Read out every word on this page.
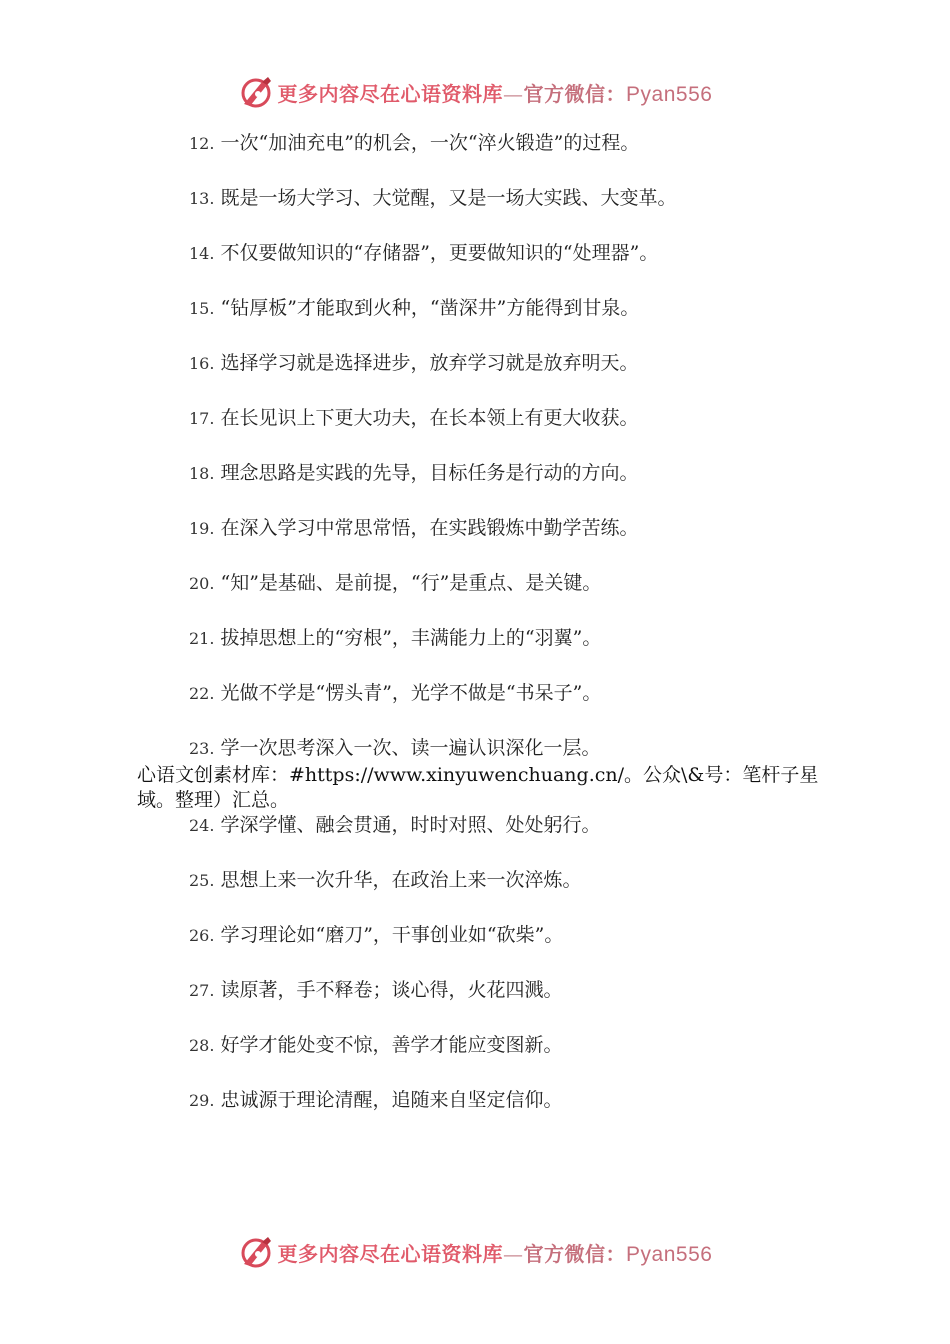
更多内容尽在心语资料库—官方微信：Pyan556
12. 一次“加油充电”的机会，一次“淬火锻造”的过程。
13. 既是一场大学习、大觉醒，又是一场大实践、大变革。
14. 不仅要做知识的“存储器”，更要做知识的“处理器”。
15. “钻厚板”才能取到火种，“凿深井”方能得到甘泉。
16. 选择学习就是选择进步，放弃学习就是放弃明天。
17. 在长见识上下更大功夫，在长本领上有更大收获。
18. 理念思路是实践的先导，目标任务是行动的方向。
19. 在深入学习中常思常悟，在实践锻炼中勤学苦练。
20. “知”是基础、是前提，“行”是重点、是关键。
21. 拔掉思想上的“穷根”，丰满能力上的“羽翼”。
22. 光做不学是“愣头青”，光学不做是“书呆子”。
23. 学一次思考深入一次、读一遍认识深化一层。
24. 学深学懂、融会贯通，时时对照、处处躬行。
25. 思想上来一次升华，在政治上来一次淬炼。
26. 学习理论如“磨刀”，干事创业如“砍柴”。
27. 读原著，手不释卷；谈心得，火花四溅。
28. 好学才能处变不惊，善学才能应变图新。
29. 忠诚源于理论清醒，追随来自坚定信仰。
心语文创素材库：#https://www.xinyuwenchuang.cn/。公众\&号：笔杆子星域。整理）汇总。
更多内容尽在心语资料库—官方微信：Pyan556
